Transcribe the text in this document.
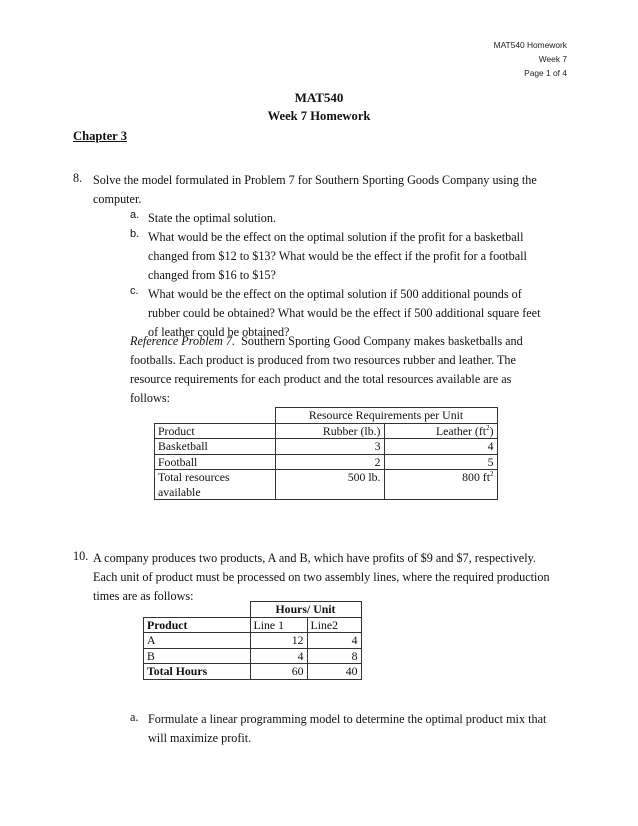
MAT540 Homework
Week 7
Page 1 of 4
MAT540
Week 7 Homework
Chapter 3
8. Solve the model formulated in Problem 7 for Southern Sporting Goods Company using the
computer.
a. State the optimal solution.
b. What would be the effect on the optimal solution if the profit for a basketball
changed from $12 to $13? What would be the effect if the profit for a football
changed from $16 to $15?
c. What would be the effect on the optimal solution if 500 additional pounds of
rubber could be obtained? What would be the effect if 500 additional square feet
of leather could be obtained?
Reference Problem 7.  Southern Sporting Good Company makes basketballs and
footballs. Each product is produced from two resources rubber and leather. The
resource requirements for each product and the total resources available are as
follows:
	Resource Requirements per Unit	
Product	Rubber (lb.)	Leather $(ft^2)$
Basketball	3	4
Football	2	5

Total resources
available	500 lb.	800 $ft^2$
10. A company produces two products, A and B, which have profits of $9 and $7, respectively.
Each unit of product must be processed on two assembly lines, where the required production
times are as follows:
	Hours/ Unit	
Product	Line 1	Line2
A	12	4
B	4	8
Total Hours	60	40
a. Formulate a linear programming model to determine the optimal product mix that
will maximize profit.
